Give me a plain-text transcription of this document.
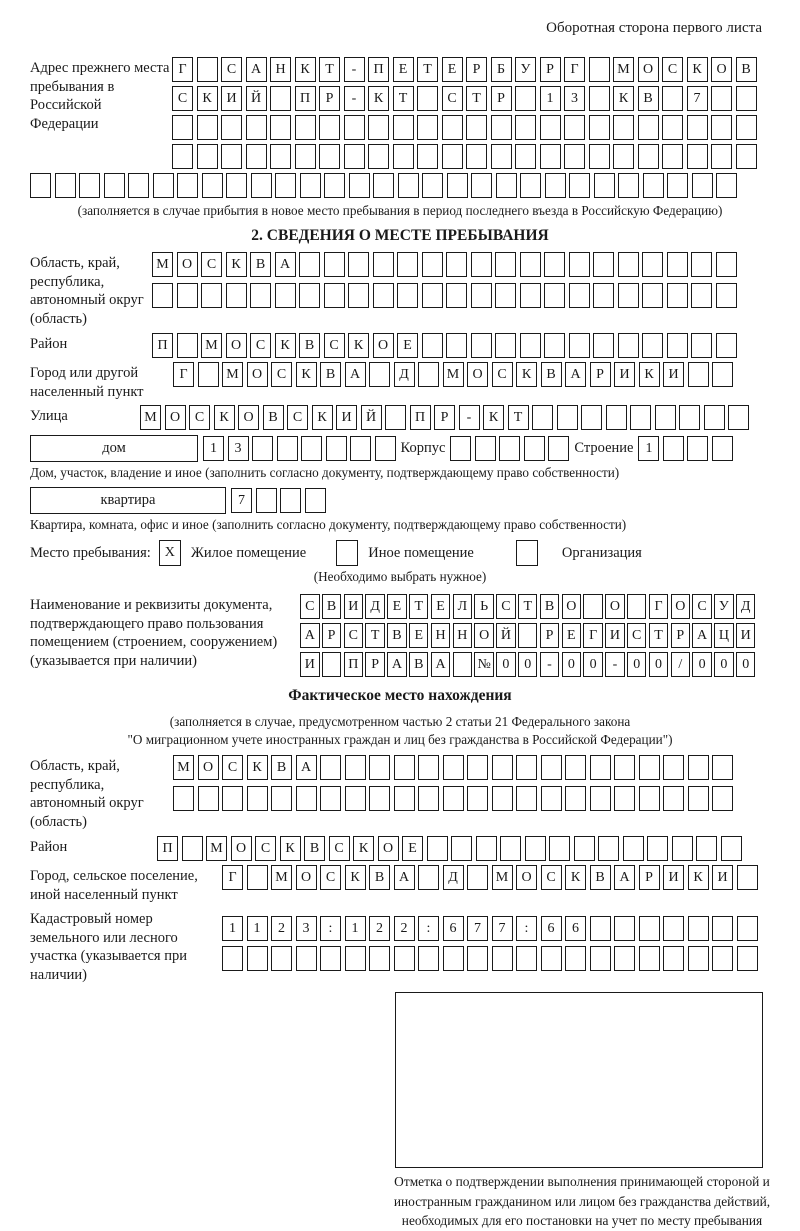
Оборотная сторона первого листа
Адрес прежнего места пребывания в Российской Федерации
Г	С	А	Н	К	Т	-	П	Е	Т	Е	Р	Б	У	Р	Г	М О	С	К	О	В
С	К	И	Й	П	Р	-	К	Т	С	Т	Р	1	3	К	В	7
(заполняется в случае прибытия в новое место пребывания в период последнего въезда в Российскую Федерацию)
2. СВЕДЕНИЯ О МЕСТЕ ПРЕБЫВАНИЯ
Область, край, республика, автономный округ (область)
М О	С	К	В	А
Район	П	М О	С	К	В	С	К	О	Е
Город или другой населенный пункт
Г	М О	С	К	В	А	Д	М О	С	К	В	А	Р	И	К	И
Улица	М О	С	К	О	В	С	К	И	Й	П	Р	-	К	Т
дом	1	3	Корпус	Строение 1
Дом, участок, владение и иное (заполнить согласно документу, подтверждающему право собственности)
квартира	7
Квартира, комната, офис и иное (заполнить согласно документу, подтверждающему право собственности)
Место пребывания: X	Жилое помещение	Иное помещение	Организация
(Необходимо выбрать нужное)
Наименование и реквизиты документа, подтверждающего право пользования помещением (строением, сооружением) (указывается при наличии)
С В И Д Е Т Е Л Ь С Т В О	О	Г О С У Д
А Р С Т В Е Н Н О Й	Р Е Г И С Т Р А Ц И
И	П Р А В А	№ 0	0	-	0	0	-	0	0	/	0	0	0
Фактическое место нахождения
(заполняется в случае, предусмотренном частью 2 статьи 21 Федерального закона
"О миграционном учете иностранных граждан и лиц без гражданства в Российской Федерации")
Область, край, республика, автономный округ (область)
М О	С	К	В	А
Район	П	М О	С	К	В	С	К	О	Е
Город, сельское поселение, иной населенный пункт
Г	М О	С	К	В	А	Д	М О	С	К	В	А	Р	И	К	И
Кадастровый номер земельного или лесного участка (указывается при наличии)
1	1	2	3	:	1	2	2	:	6	7	7	:	6	6
Отметка о подтверждении выполнения принимающей стороной и иностранным гражданином или лицом без гражданства действий, необходимых для его постановки на учет по месту пребывания
